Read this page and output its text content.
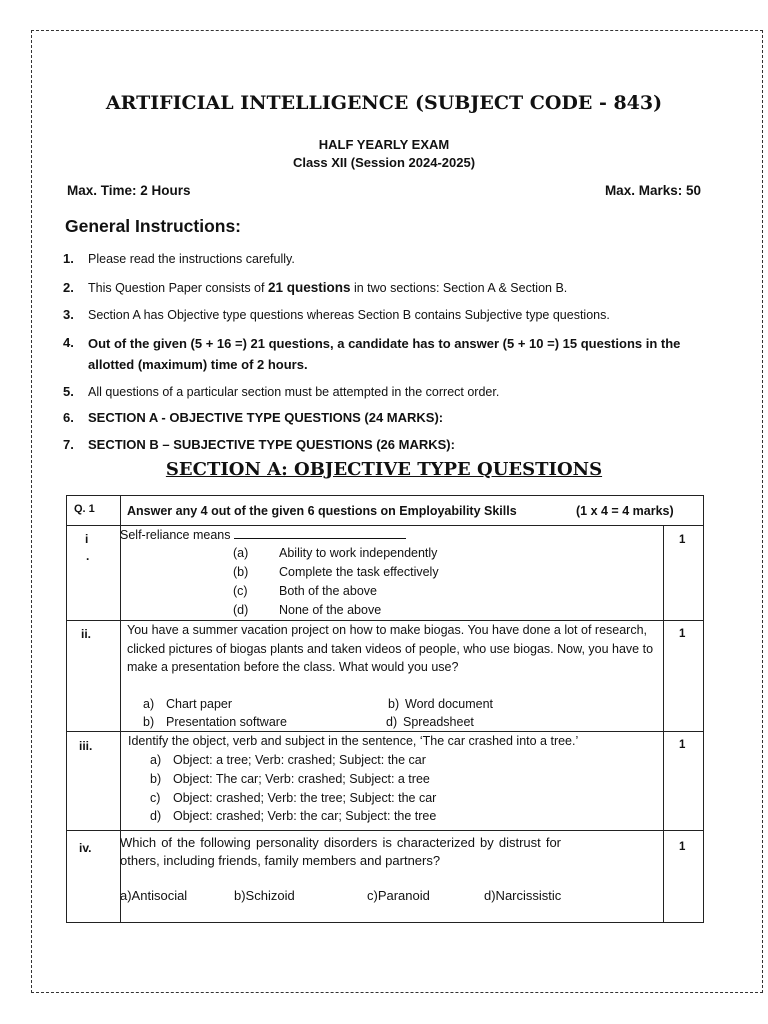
ARTIFICIAL INTELLIGENCE (SUBJECT CODE - 843)
HALF YEARLY EXAM
Class XII (Session 2024-2025)
Max. Time: 2 Hours	Max. Marks: 50
General Instructions:
1. Please read the instructions carefully.
2. This Question Paper consists of 21 questions in two sections: Section A & Section B.
3. Section A has Objective type questions whereas Section B contains Subjective type questions.
4. Out of the given (5 + 16 =) 21 questions, a candidate has to answer (5 + 10 =) 15 questions in the allotted (maximum) time of 2 hours.
5. All questions of a particular section must be attempted in the correct order.
6. SECTION A - OBJECTIVE TYPE QUESTIONS (24 MARKS):
7. SECTION B – SUBJECTIVE TYPE QUESTIONS (26 MARKS):
SECTION A: OBJECTIVE TYPE QUESTIONS
Q. 1	Answer any 4 out of the given 6 questions on Employability Skills	(1 x 4 = 4 marks)
i
.
Self-reliance means
(a) Ability to work independently
(b) Complete the task effectively
(c)	Both of the above
(d) None of the above
1
ii.	You have a summer vacation project on how to make biogas. You have done a lot of research, clicked pictures of biogas plants and taken videos of people, who use biogas. Now, you have to make a presentation before the class. What would you use?
a) Chart paper	b) Word document
b) Presentation software	d) Spreadsheet
1
iii.	Identify the object, verb and subject in the sentence, ‘The car crashed into a tree.’
a) Object: a tree; Verb: crashed; Subject: the car
b) Object: The car; Verb: crashed; Subject: a tree
c) Object: crashed; Verb: the tree; Subject: the car
d) Object: crashed; Verb: the car; Subject: the tree
1
iv. Which of the following personality disorders is characterized by distrust for others, including friends, family members and partners?
a)Antisocial	b)Schizoid	c)Paranoid	d)Narcissistic
1
